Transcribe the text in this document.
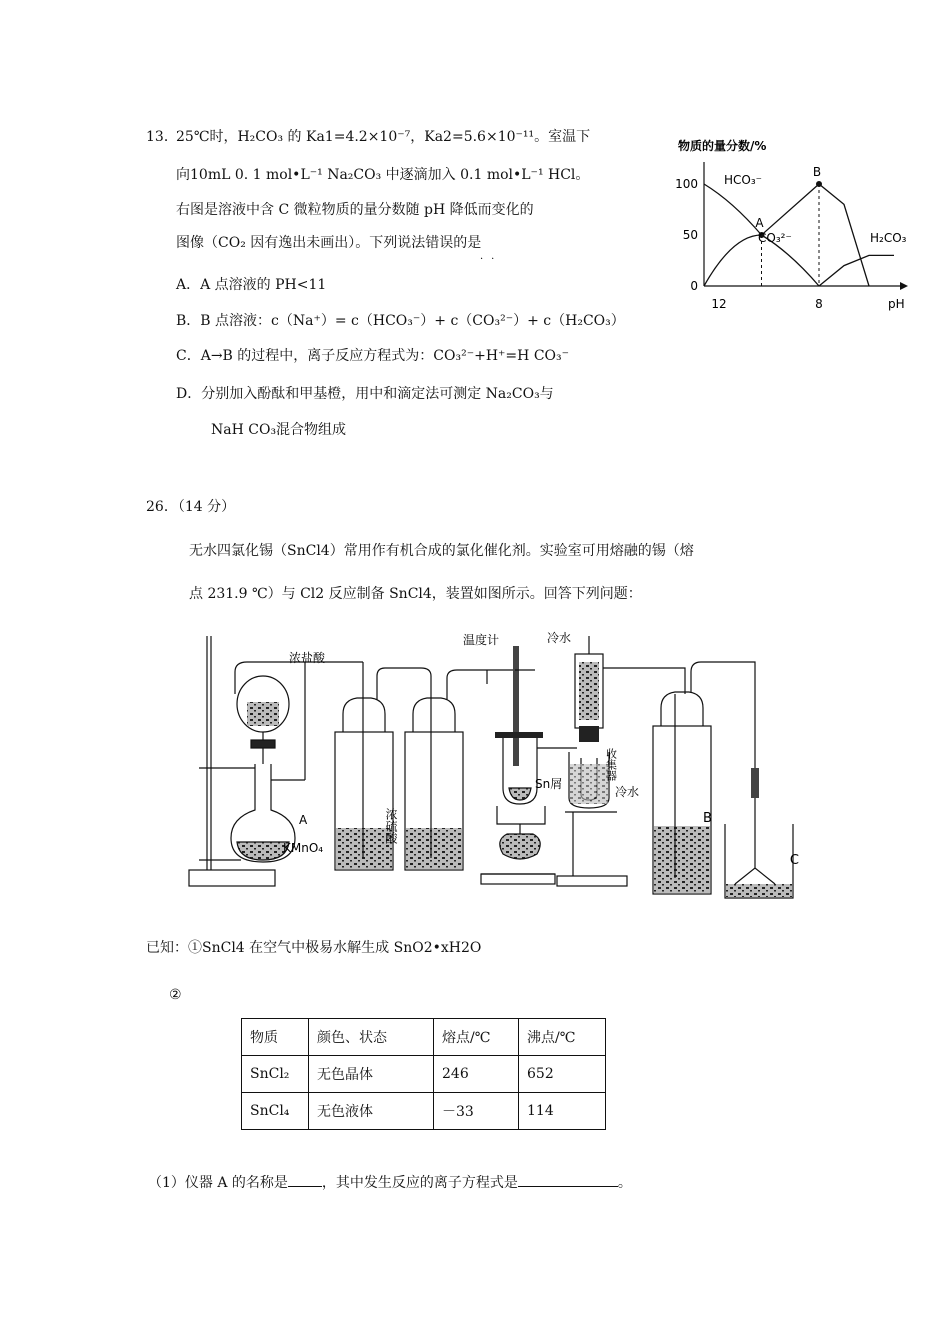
13．
25℃时，H₂CO₃ 的 Ka1=4.2×10⁻⁷，Ka2=5.6×10⁻¹¹。室温下
向10mL 0. 1 mol•L⁻¹ Na₂CO₃ 中逐滴加入 0.1 mol•L⁻¹ HCl。
右图是溶液中含 C 微粒物质的量分数随 pH 降低而变化的
图像（CO₂ 因有逸出未画出）。下列说法错误的是
··
A．A 点溶液的 PH<11
B．B 点溶液：c（Na⁺）= c（HCO₃⁻）+ c（CO₃²⁻）+ c（H₂CO₃）
C．A→B 的过程中，离子反应方程式为：CO₃²⁻+H⁺=H CO₃⁻
D．分别加入酚酞和甲基橙，用中和滴定法可测定 Na₂CO₃与
NaH CO₃混合物组成
物质的量分数/%
pH
100
50
0
12	8
A
B
HCO₃⁻
CO₃²⁻	H₂CO₃
26．（14 分）
无水四氯化锡（SnCl4）常用作有机合成的氯化催化剂。实验室可用熔融的锡（熔
点 231.9 ℃）与 Cl2 反应制备 SnCl4，装置如图所示。回答下列问题：
浓盐酸
温度计	冷水
收集器
Sn屑
冷水
浓硫酸
A
KMnO₄
B
C
已知：①SnCl4 在空气中极易水解生成 SnO2•xH2O
②
物质	颜色、状态	熔点/℃	沸点/℃
SnCl₂	无色晶体	246	652
SnCl₄	无色液体	－33	114
（1）仪器 A 的名称是 ，其中发生反应的离子方程式是	。
